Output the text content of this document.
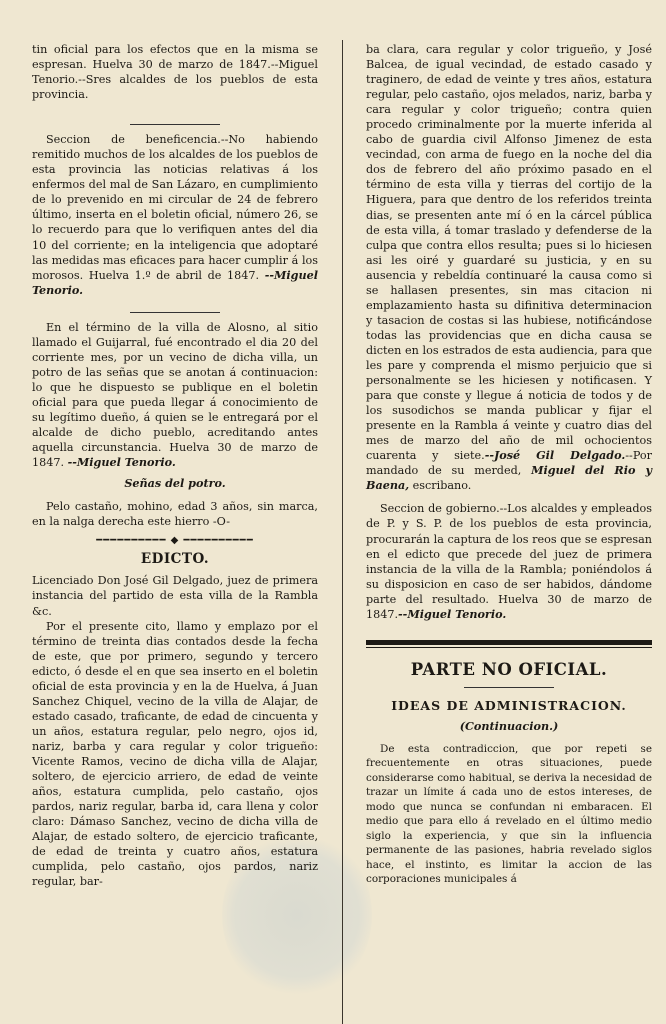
tin oficial para los efectos que en la misma se espresan. Huelva 30 de marzo de 1847.--Miguel Tenorio.--Sres alcaldes de los pueblos de esta provincia.

Seccion de beneficencia.--No habiendo remitido muchos de los alcaldes de los pueblos de esta provincia las noticias relativas á los enfermos del mal de San Lázaro, en cumplimiento de lo prevenido en mi circular de 24 de febrero último, inserta en el boletin oficial, número 26, se lo recuerdo para que lo verifiquen antes del dia 10 del corriente; en la inteligencia que adoptaré las medidas mas eficaces para hacer cumplir á los morosos. Huelva 1.º de abril de 1847. --Miguel Tenorio.

En el término de la villa de Alosno, al sitio llamado el Guijarral, fué encontrado el dia 20 del corriente mes, por un vecino de dicha villa, un potro de las señas que se anotan á continuacion: lo que he dispuesto se publique en el boletin oficial para que pueda llegar á conocimiento de su legítimo dueño, á quien se le entregará por el alcalde de dicho pueblo, acreditando antes aquella circunstancia. Huelva 30 de marzo de 1847. --Miguel Tenorio.

Señas del potro.

Pelo castaño, mohino, edad 3 años, sin marca, en la nalga derecha este hierro -O-

━━━━━━━━━━ ◆ ━━━━━━━━━━
EDICTO.

Licenciado Don José Gil Delgado, juez de primera instancia del partido de esta villa de la Rambla &c.

Por el presente cito, llamo y emplazo por el término de treinta dias contados desde la fecha de este, que por primero, segundo y tercero edicto, ó desde el en que sea inserto en el boletin oficial de esta provincia y en la de Huelva, á Juan Sanchez Chiquel, vecino de la villa de Alajar, de estado casado, traficante, de edad de cincuenta y un años, estatura regular, pelo negro, ojos id, nariz, barba y cara regular y color trigueño: Vicente Ramos, vecino de dicha villa de Alajar, soltero, de ejercicio arriero, de edad de veinte años, estatura cumplida, pelo castaño, ojos pardos, nariz regular, barba id, cara llena y color claro: Dámaso Sanchez, vecino de dicha villa de Alajar, de estado soltero, de ejercicio traficante, de edad de treinta y cuatro años, estatura cumplida, pelo castaño, ojos pardos, nariz regular, bar-

ba clara, cara regular y color trigueño, y José Balcea, de igual vecindad, de estado casado y traginero, de edad de veinte y tres años, estatura regular, pelo castaño, ojos melados, nariz, barba y cara regular y color trigueño; contra quien procedo criminalmente por la muerte inferida al cabo de guardia civil Alfonso Jimenez de esta vecindad, con arma de fuego en la noche del dia dos de febrero del año próximo pasado en el término de esta villa y tierras del cortijo de la Higuera, para que dentro de los referidos treinta dias, se presenten ante mí ó en la cárcel pública de esta villa, á tomar traslado y defenderse de la culpa que contra ellos resulta; pues si lo hiciesen asi les oiré y guardaré su justicia, y en su ausencia y rebeldía continuaré la causa como si se hallasen presentes, sin mas citacion ni emplazamiento hasta su difinitiva determinacion y tasacion de costas si las hubiese, notificándose todas las providencias que en dicha causa se dicten en los estrados de esta audiencia, para que les pare y comprenda el mismo perjuicio que si personalmente se les hiciesen y notificasen. Y para que conste y llegue á noticia de todos y de los susodichos se manda publicar y fijar el presente en la Rambla á veinte y cuatro dias del mes de marzo del año de mil ochocientos cuarenta y siete.--José Gil Delgado.--Por mandado de su merded, Miguel del Rio y Baena, escribano.

Seccion de gobierno.--Los alcaldes y empleados de P. y S. P. de los pueblos de esta provincia, procurarán la captura de los reos que se espresan en el edicto que precede del juez de primera instancia de la villa de la Rambla; poniéndolos á su disposicion en caso de ser habidos, dándome parte del resultado. Huelva 30 de marzo de 1847.--Miguel Tenorio.

PARTE NO OFICIAL.
IDEAS DE ADMINISTRACION.
(Continuacion.)

De esta contradiccion, que por repeti se frecuentemente en otras situaciones, puede considerarse como habitual, se deriva la necesidad de trazar un límite á cada uno de estos intereses, de modo que nunca se confundan ni embaracen. El medio que para ello á revelado en el último medio siglo la experiencia, y que sin la influencia permanente de las pasiones, habria revelado siglos hace, el instinto, es limitar la accion de las corporaciones municipales á
